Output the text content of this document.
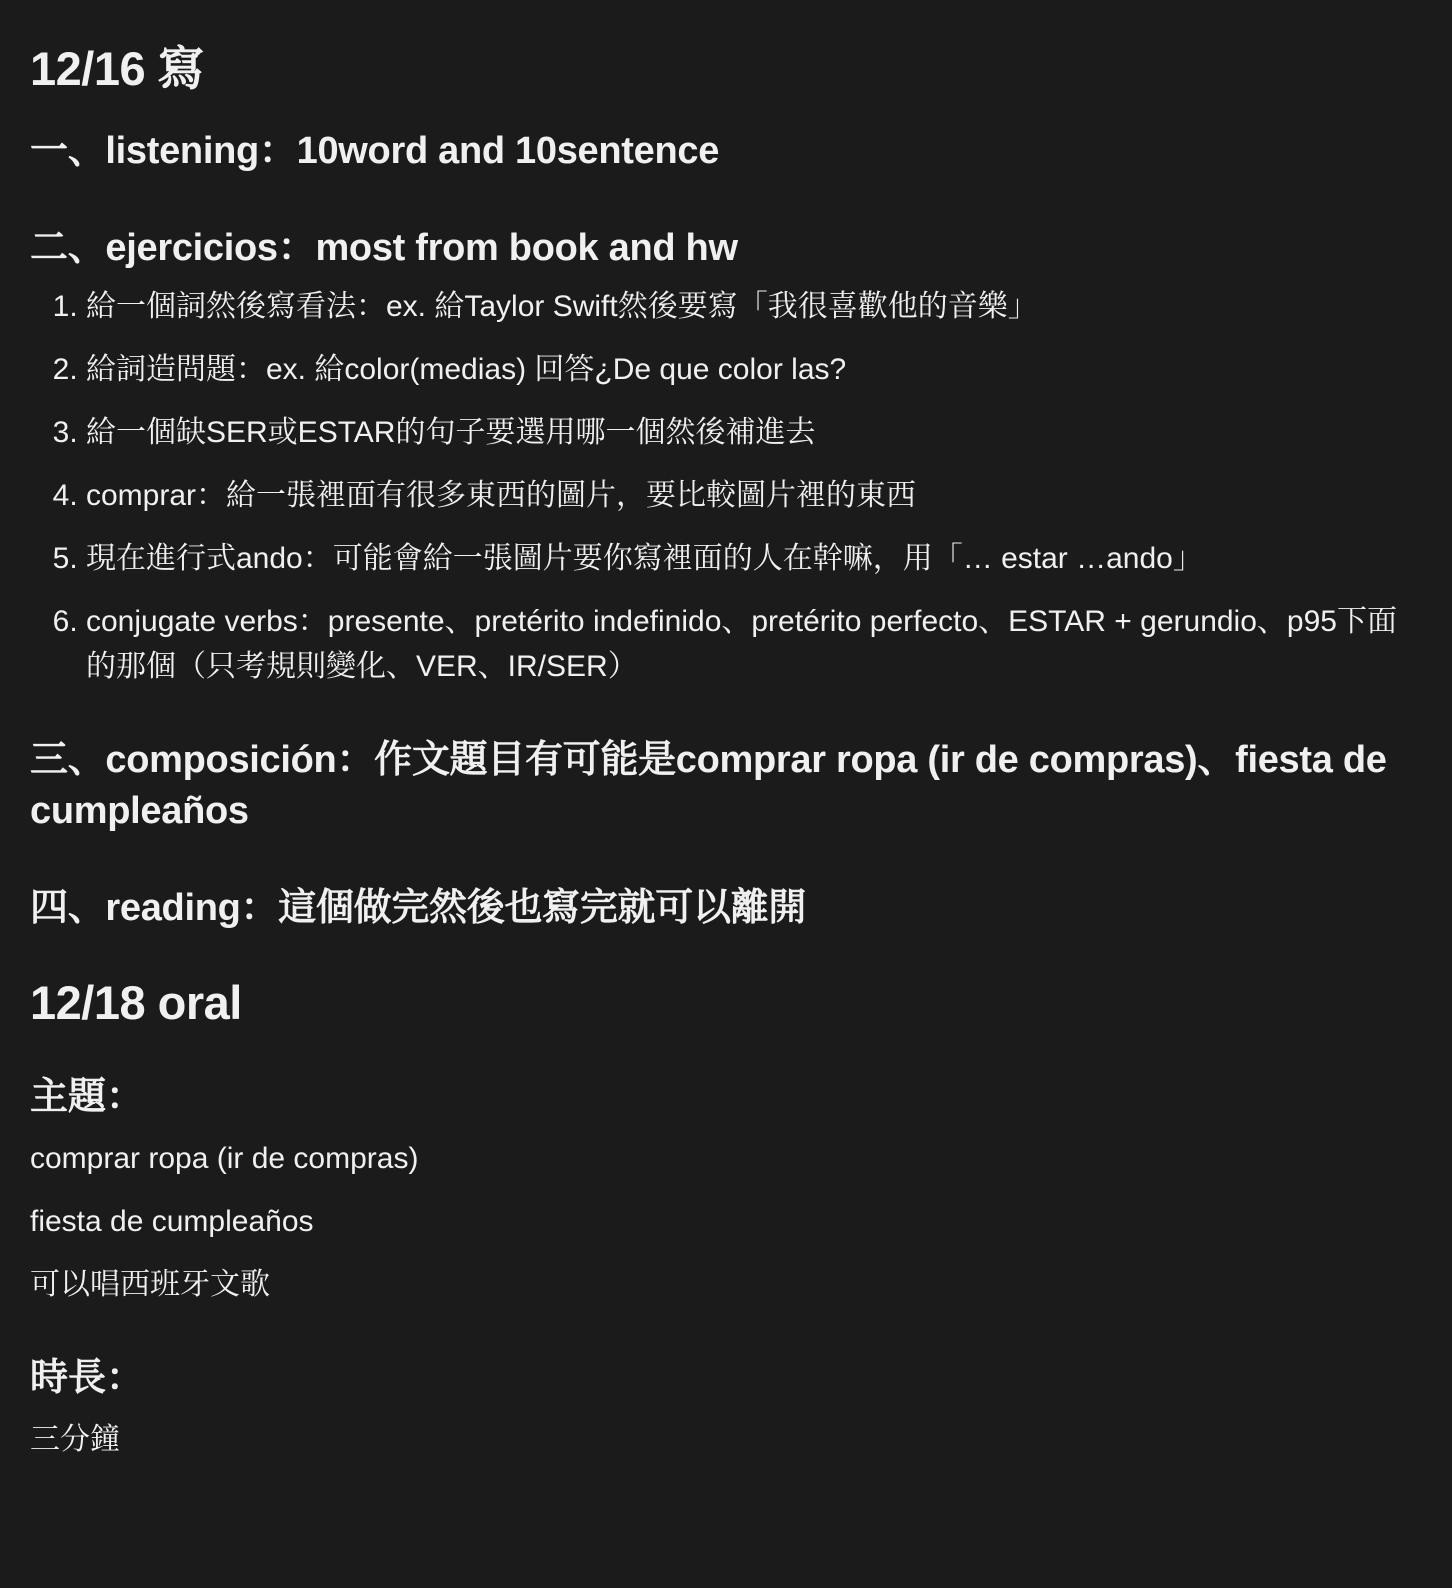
12/16 寫
一、listening：10word and 10sentence
二、ejercicios：most from book and hw
1. 給一個詞然後寫看法：ex. 給Taylor Swift然後要寫「我很喜歡他的音樂」
2. 給詞造問題：ex. 給color(medias) 回答¿De que color las?
3. 給一個缺SER或ESTAR的句子要選用哪一個然後補進去
4. comprar：給一張裡面有很多東西的圖片，要比較圖片裡的東西
5. 現在進行式ando：可能會給一張圖片要你寫裡面的人在幹嘛，用「… estar …ando」
6. conjugate verbs：presente、pretérito indefinido、pretérito perfecto、ESTAR + gerundio、p95下面的那個（只考規則變化、VER、IR/SER）
三、composición：作文題目有可能是comprar ropa (ir de compras)、fiesta de cumpleaños
四、reading：這個做完然後也寫完就可以離開
12/18 oral
主題：

comprar ropa (ir de compras)

fiesta de cumpleaños

可以唱西班牙文歌

時長：

三分鐘
